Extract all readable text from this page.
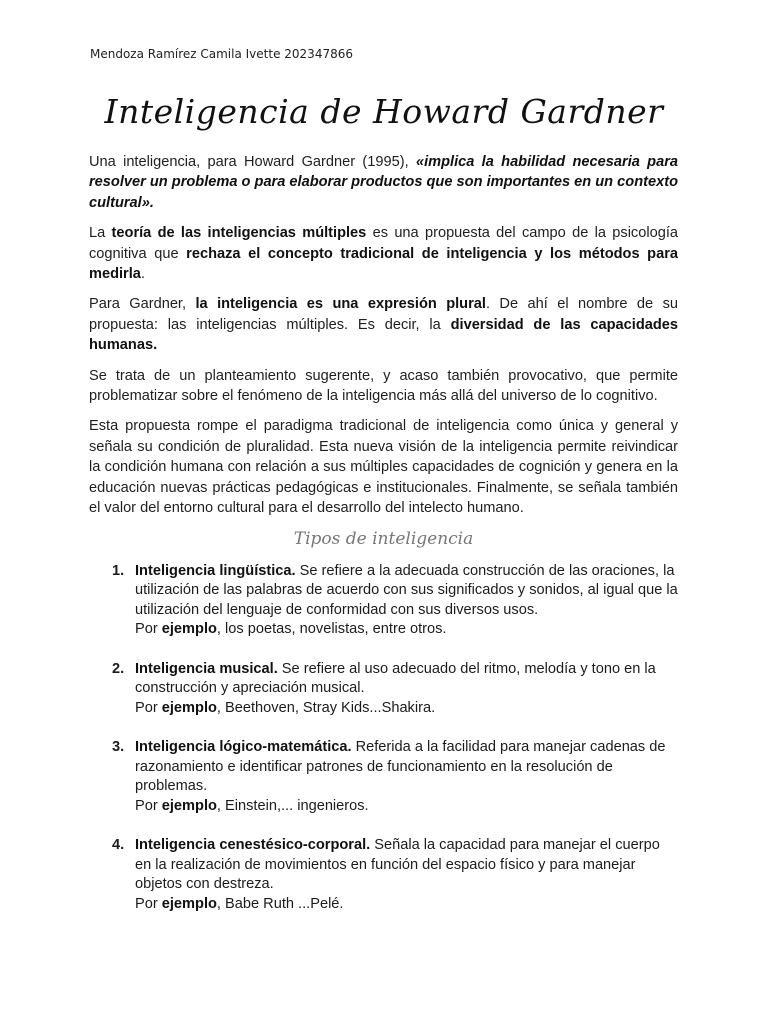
Mendoza Ramírez Camila Ivette 202347866
Inteligencia de Howard Gardner

Una inteligencia, para Howard Gardner (1995), «implica la habilidad necesaria para resolver un problema o para elaborar productos que son importantes en un contexto cultural».

La teoría de las inteligencias múltiples es una propuesta del campo de la psicología cognitiva que rechaza el concepto tradicional de inteligencia y los métodos para medirla.

Para Gardner, la inteligencia es una expresión plural. De ahí el nombre de su propuesta: las inteligencias múltiples. Es decir, la diversidad de las capacidades humanas.

Se trata de un planteamiento sugerente, y acaso también provocativo, que permite problematizar sobre el fenómeno de la inteligencia más allá del universo de lo cognitivo.

Esta propuesta rompe el paradigma tradicional de inteligencia como única y general y señala su condición de pluralidad. Esta nueva visión de la inteligencia permite reivindicar la condición humana con relación a sus múltiples capacidades de cognición y genera en la educación nuevas prácticas pedagógicas e institucionales. Finalmente, se señala también el valor del entorno cultural para el desarrollo del intelecto humano.

Tipos de inteligencia
1. Inteligencia lingüística. Se refiere a la adecuada construcción de las oraciones, la utilización de las palabras de acuerdo con sus significados y sonidos, al igual que la utilización del lenguaje de conformidad con sus diversos usos.
Por ejemplo, los poetas, novelistas, entre otros.
2. Inteligencia musical. Se refiere al uso adecuado del ritmo, melodía y tono en la construcción y apreciación musical.
Por ejemplo, Beethoven, Stray Kids...Shakira.
3. Inteligencia lógico-matemática. Referida a la facilidad para manejar cadenas de razonamiento e identificar patrones de funcionamiento en la resolución de problemas.
Por ejemplo, Einstein,... ingenieros.
4. Inteligencia cenestésico-corporal. Señala la capacidad para manejar el cuerpo en la realización de movimientos en función del espacio físico y para manejar objetos con destreza.
Por ejemplo, Babe Ruth ...Pelé.
